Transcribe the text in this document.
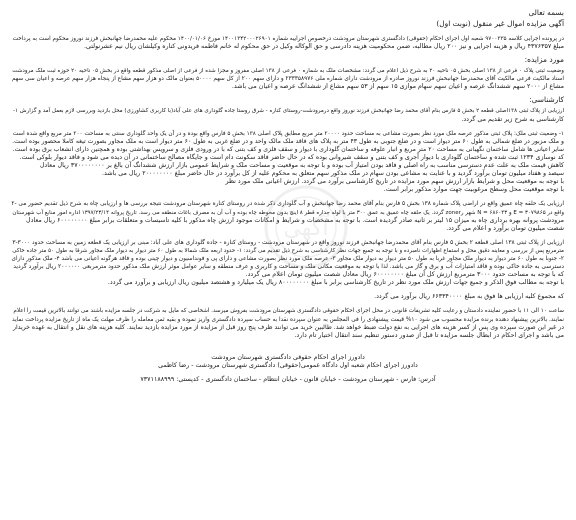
آگهی

بسمه تعالی

آگهی مزایده اموال غیر منقول (نوبت اول)

در پرونده اجرایی کلاسه ۹۷۰۰۳۳۵ شعبه اول اجرای احکام (حقوقی) دادگستری شهرستان مرودشت درخصوص اجراییه شماره ۱۴۰۰۱۳۴۲۰۰۰۲۶۹۰۱ مورخ ۱۴۰۰/۰۱/۰۶ محکوم علیه محمدرضا جهانبخش فرزند نوروز محکوم است به پرداخت

مبلغ ۴۳۷۶۳۵۷ ریال و هزینه اجرایی و نیز ۲۰۰ ریال مطالبه، ضمن محکومیت هزینه دادرسی و حق الوکاله وکیل در حق محکوم له خانم فاطمه فریدونی کناره وکیلشان ریال نیم عشرنولتی.

مورد مزایده:

وضعیت ثبتی پلاک ۰ فرعی از ۱۳۸ اصلی بخش ۰۵ ناحیه ۲۰ به شرح ذیل اعلام می گردد: مشخصات ملک به شماره ۰ فرعی از ۱۳۸ اصلی مفروز و مجزا شده از فرعی از اصلی مذکور قطعه واقع در بخش ۰۵ ناحیه ۲۰ حوزه ثبت ملک مرودشت

اسناد مالکیت فرعی مالکیت آقای محمدرضا جهانبخش فرزند نوروز صادره از مرودشت دارای شماره ملی ۲۳۳۳۵۸۹۷۶ و دارای سهم ۲۰۰ از کل سهم ۵۰۰۰۰ بعنوان مالک دو هزار سهم مشاع از پنجاه هزار سهم عرصه و اعیان سی سهم

مشاع از ۲۰۰۰ سهم ششدانگ عرصه و اعیان سهم سهام موازی ۱۵ سهم از ۵۳ سهم مشاع از ششدانگ عرصه و اعیان می باشد.

کارشناسی:

ارزیابی از پلاک ثبتی ۱۳۸اصلی قطعه ۲ بخش ۵ فارس بنام آقای محمد رضا جهانبخش فرزند نوروز واقع درمرودشت-روستای کناره - شرق روستا جاده گلوداری های علی آباد(با کاربری کشاورزی) محل بازدید وبررسی لازم بعمل آمد و گزارش ۱-

کارشناسی به شرح زیر تقدیم می گردد.

۱- وضعیت ثبتی ملک: پلاک ثبتی مذکور عرصه ملک مورد نظر بصورت مشاعی به مساحت حدود ۲۰۰۰۰ متر مربع مطابق پلاک اصلی ۱۳۸ بخش ۵ فارس واقع بوده و در آن یک واحد گلوداری سنتی به مساحت ۲۰۰ متر مربع واقع شده است

و ملک مزبور در ضلع شمالی به طول ۶۰ متر دیوار است و در ضلع جنوبی به طول ۴۳ متر به پلاک های فاقد ملک مالک واحد و در ضلع غربی به طول ۶۰ متر دیوار است به ملک مجاور بصورت تیغه کاملا محصور بوده است.

سایر اعیانی ها شامل ساختمان نگهبانی به مساحت ۲۰ متر مربع و انبار علوفه و ساختمان گلوداری با دیوار و سقف فلزی و کف بتنی که با در ورودی فلزی و سرویس بهداشتی بوده و همچنین دارای انشعاب برق بوده است.

کد نوسازی ۱۲۳۴ ثبت شده و ساختمان گلوداری با دیوار آجری و کف بتنی و سقف شیروانی بوده که در حال حاضر فاقد سکونت دام است و جایگاه مصالح ساختمانی در آن دیده می شود و فاقد دیوار بلوکی است.

کاهش قیمت ملک به علت عدم دسترسی مناسب به راه اصلی و فاقد بودن امتیاز آب بوده و با توجه به موقعیت و مساحت ملک و شرایط عمومی بازار ارزش ششدانگ آن بالغ بر ۳۷۰۰۰۰۰۰۰۰ ریال معادل

سیصد و هفتاد میلیون تومان برآورد گردید و با عنایت به مشاعی بودن سهام در ملک مذکور سهم متعلق به محکوم علیه از کل برآورد در حال حاضر مبلغ ۲۰۰۰۰۰۰۰۰ ریال می باشد.

با توجه به موقعیت محل و شرایط بازار ارزش سهم مورد مزایده در تاریخ کارشناسی برآورد می گردد. ارزش اعیانی ملک مورد نظر

با توجه موقعیت محل وسطح مرغوبیت جهت موارد مذکور برابر است.

ارزیابی یک حلقه چاه عمیق واقع در اراضی پلاک شماره ۱۳۸ بخش ۵ فارس بنام آقای محمد رضا جهانبخش و آب گلوداری ذکر شده در روستای کناره شهرستان مرودشت نتیجه بررسی ها و ارزیابی چاه به شرح ذیل تقدیم حضور می -۲

واقع در ۳۰۷۹۸۶۵ = E و ۶۸۶۰۴۳ = N شهر رzoner گردد. یک حلقه چاه عمیق به عمق ۳۰۰ متر با لوله جداره قطر ۸ اینچ بدون محوطه چاه بوده و آب آن به مصرف باغات منطقه می رسد. تاریخ پروانه ۱۳۹۷/۲۳/۱۴ اداره امور منابع آب شهرستان

مرودشت پروانه بهره برداری چاه به میزان ۱۵ لیتر بر ثانیه صادر گردیده است. با توجه به مشخصات و شرایط و امکانات موجود ارزش چاه مذکور با کلیه تاسیسات و متعلقات برابر مبلغ ۶۰۰۰۰۰۰۰۰ ریال معادل

شصت میلیون تومان برآورد و اعلام می گردد.

ارزیابی از پلاک ثبتی ۱۳۸ اصلی قطعه ۲ بخش ۵ فارس بنام آقای محمدرضا جهانبخش فرزند نوروز واقع در شهرستان مرودشت - روستای کناره - جاده گلوداری های علی آباد: مبنی بر ارزیابی یک قطعه زمین به مساحت حدود ۳۰۰۰-۳

مترمربع پس از بررسی و معاینه دقیق محل و استماع اظهارات نامبرده و با توجه به جمیع جهات نظر کارشناسی به شرح ذیل تقدیم می گردد: ۱- حدود اربعه ملک شمالا به طول ۶۰ متر دیوار به دیوار ملک مجاور شرقا به طول ۵۰ متر جاده خاکی

۲- جنوبا به طول ۶۰ متر دیوار به دیوار ملک مجاور غربا به طول ۵۰ متر دیوار به دیوار ملک مجاور ۳- عرصه ملک مورد نظر بصورت مشاعی و دارای پی و فونداسیون و دیوار چینی بوده و فاقد هرگونه اعیانی می باشد ۴- ملک مذکور دارای

دسترسی به جاده خاکی بوده و فاقد امتیازات آب و برق و گاز می باشد. لذا با توجه به موقعیت مکانی ملک و مساحت و کاربری و عرف منطقه و سایر عوامل موثر ارزش ملک مذکور حدود مترمربعی ۲۰۰۰۰۰۰ ریال برآورد گردید

که با توجه به مساحت حدود ۳۰۰۰ مترمربع ارزش کل آن مبلغ ۶۰۰۰۰۰۰۰۰ ریال معادل شصت میلیون تومان اعلام می گردد.

با توجه به مطالب فوق الذکر و جمیع جهات ارزش ملک مورد نظر در تاریخ کارشناسی برابر با مبلغ ۸۰۰۰۰۰۰۰۰ ریال یک میلیارد و هشتصد میلیون ریال ارزیابی و برآورد می گردد.

که مجموع کلیه ارزیابی ها فوق به مبلغ ۶۶۳۳۴۰۰۰۰ ریال برآورد می گردد.

ساعت ۱۰ الی ۱۱ با حضور نماینده دادستان و رعایت کلیه تشریفات قانونی در محل اجرای احکام حقوقی دادگستری شهرستان مرودشت بفروش میرسد. اشخاصی که مایل به شرکت در جلسه مزایده باشند می توانند بالاترین قیمت را اعلام

نمایند. بالاترین پیشنهاد دهنده برنده مزایده محسوب می شود ۱۰% قیمت پیشنهادی را فی المجلس به عنوان سپرده نقدا به حساب سپرده دادگستری واریز نموده و بقیه ثمن معامله را ظرف مهلت یک ماه از تاریخ مزایده پرداخت نماید

در غیر این صورت سپرده وی پس از کسر هزینه های اجرایی به نفع دولت ضبط خواهد شد. طالبین خرید می توانند ظرف پنج روز قبل از مزایده از مورد مزایده بازدید نمایند. کلیه هزینه های نقل و انتقال به عهده خریدار

می باشد و اجرای احکام در ابطال جلسه مزایده تا قبل از صدور دستور تنظیم سند انتقال اختیار تام دارد.

دادورز اجرای احکام حقوقی دادگستری شهرستان مرودشت

دادورز اجرای احکام شعبه اول دادگاه عمومی(حقوقی) دادگستری شهرستان مرودشت - رضا کاظمی

آدرس: فارس - شهرستان مرودشت - خیابان قانون - خیابان انتظام - ساختمان دادگستری - کدپستی: ۷۳۷۱۱۸۸۹۹۹
